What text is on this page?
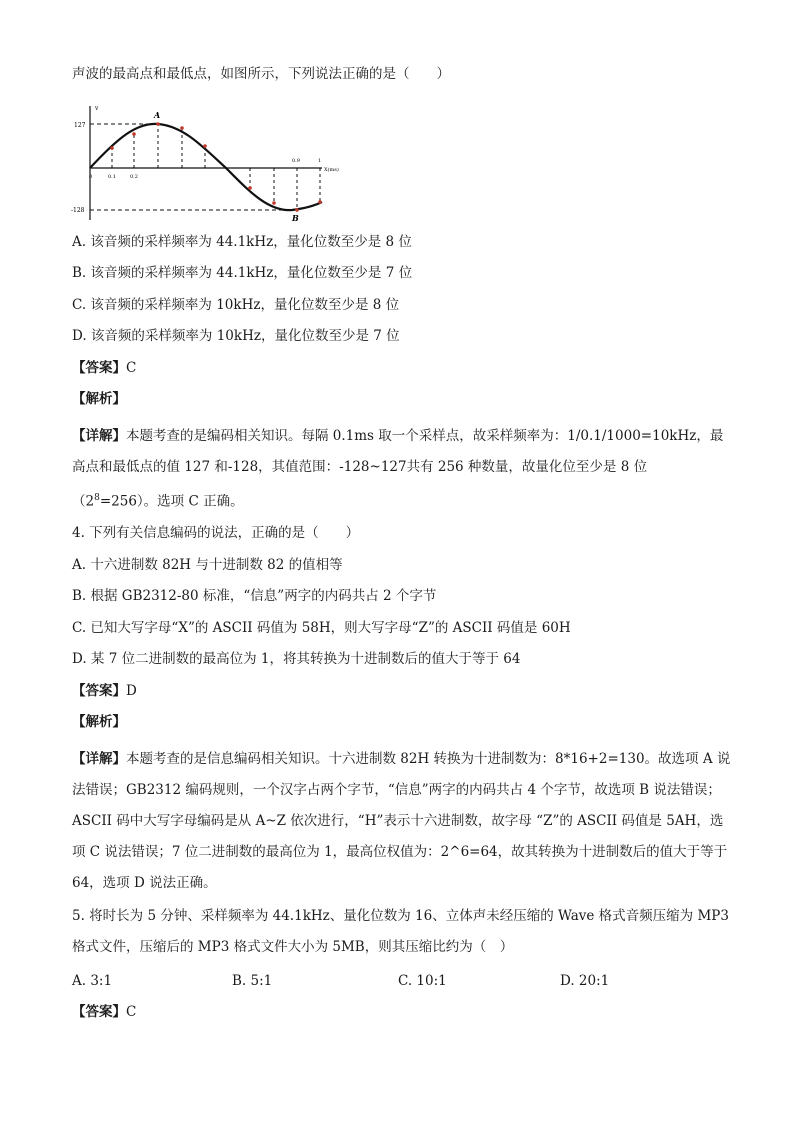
声波的最高点和最低点，如图所示，下列说法正确的是（　　）
v
X(ms)
127
-128
0	0.1	0.2
0.9	1
A
B
A. 该音频的采样频率为 44.1kHz，量化位数至少是 8 位
B. 该音频的采样频率为 44.1kHz，量化位数至少是 7 位
C. 该音频的采样频率为 10kHz，量化位数至少是 8 位
D. 该音频的采样频率为 10kHz，量化位数至少是 7 位
【答案】C
【解析】
【详解】本题考查的是编码相关知识。每隔 0.1ms 取一个采样点，故采样频率为：1/0.1/1000=10kHz，最高点和最低点的值 127 和-128，其值范围：-128~127共有 256 种数量，故量化位至少是 8 位$(2^8=256)$。选项 C 正确。
4. 下列有关信息编码的说法，正确的是（　　）
A. 十六进制数 82H 与十进制数 82 的值相等
B. 根据 GB2312-80 标准，“信息”两字的内码共占 2 个字节
C. 已知大写字母“X”的 ASCII 码值为 58H，则大写字母“Z”的 ASCII 码值是 60H
D. 某 7 位二进制数的最高位为 1，将其转换为十进制数后的值大于等于 64
【答案】D
【解析】
【详解】本题考查的是信息编码相关知识。十六进制数 82H 转换为十进制数为：8*16+2=130。故选项 A 说法错误；GB2312 编码规则，一个汉字占两个字节，“信息”两字的内码共占 4 个字节，故选项 B 说法错误；ASCII 码中大写字母编码是从 A~Z 依次进行，“H”表示十六进制数，故字母 “Z”的 ASCII 码值是 5AH，选项 C 说法错误；7 位二进制数的最高位为 1，最高位权值为：2^6=64，故其转换为十进制数后的值大于等于 64，选项 D 说法正确。
5. 将时长为 5 分钟、采样频率为 44.1kHz、量化位数为 16、立体声未经压缩的 Wave 格式音频压缩为 MP3 格式文件，压缩后的 MP3 格式文件大小为 5MB，则其压缩比约为（　）
A. 3:1	B. 5:1	C. 10:1	D. 20:1
【答案】C
